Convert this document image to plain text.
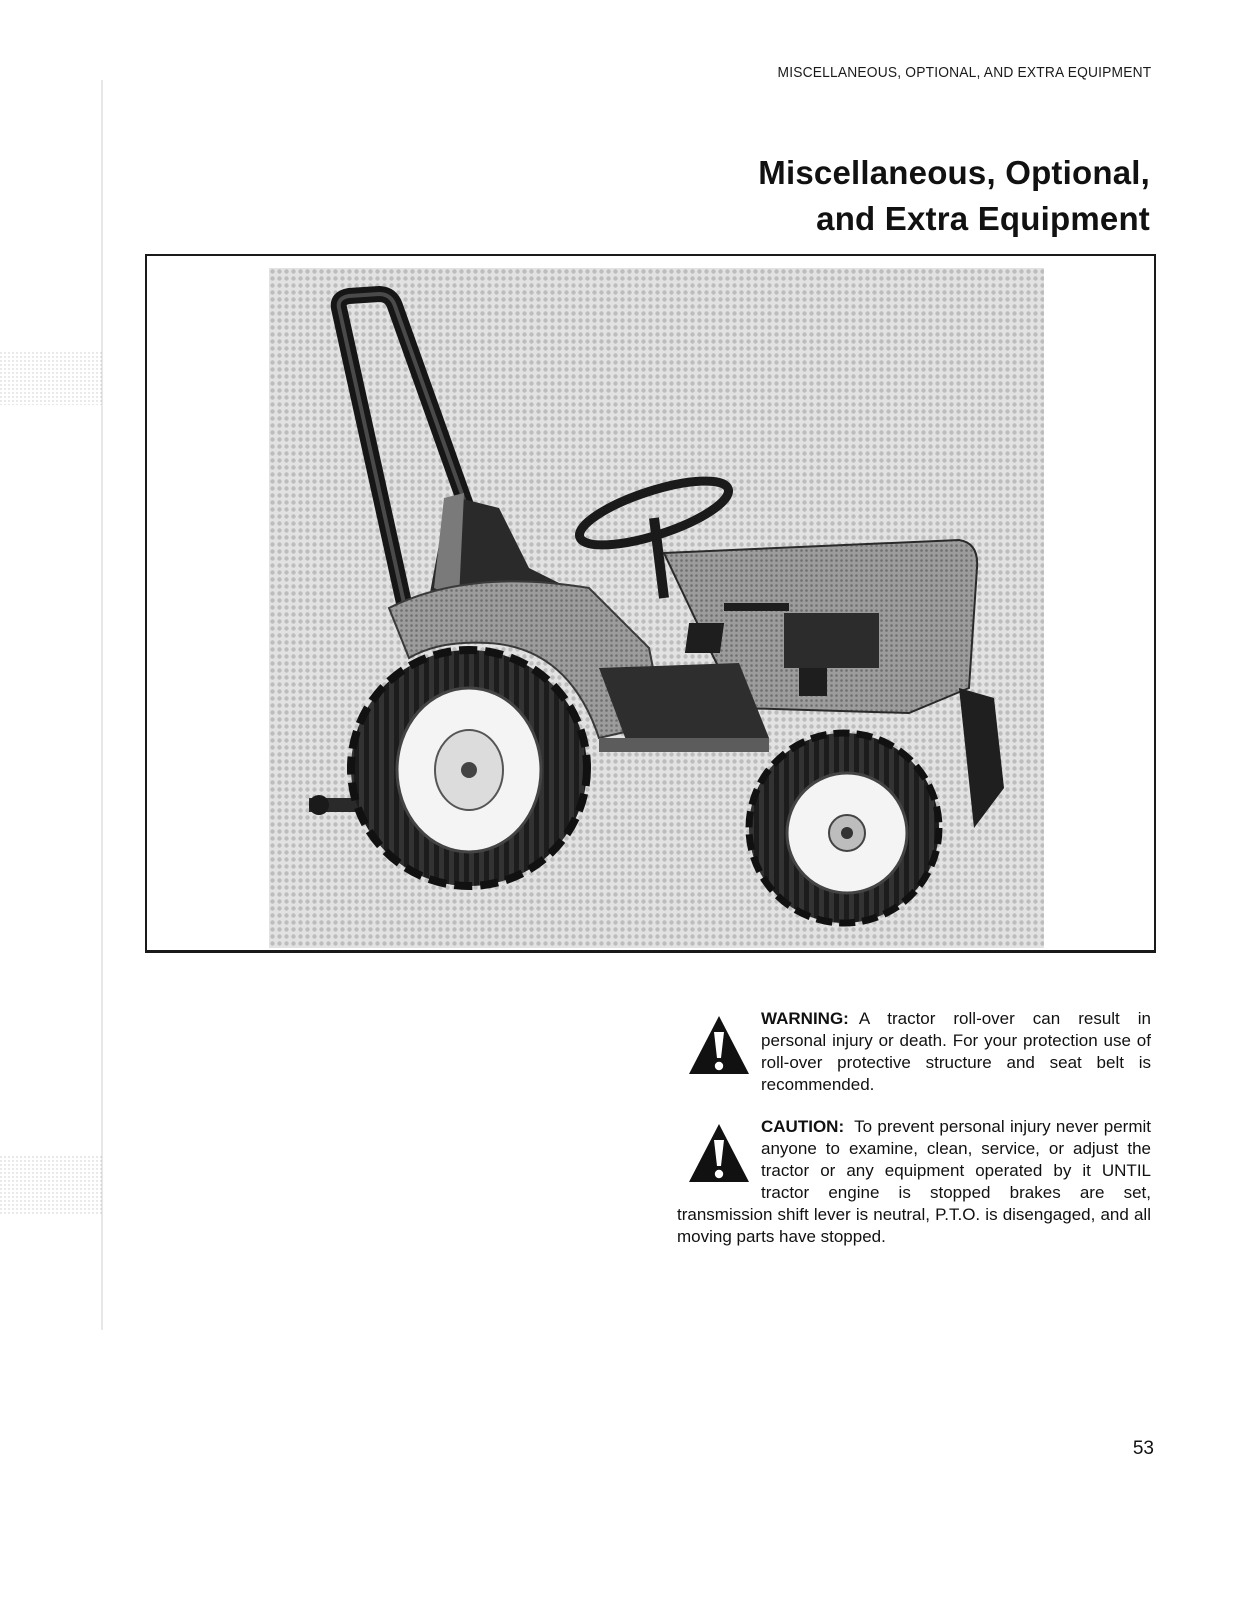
MISCELLANEOUS, OPTIONAL, AND EXTRA EQUIPMENT
Miscellaneous, Optional,
and Extra Equipment
WARNING: A tractor roll-over can result in personal injury or death. For your protection use of roll-over protective structure and seat belt is recommended.
CAUTION: To prevent personal injury never permit anyone to examine, clean, service, or adjust the tractor or any equipment operated by it UNTIL tractor engine is stopped brakes are set, transmission shift lever is neutral, P.T.O. is disengaged, and all moving parts have stopped.
53
